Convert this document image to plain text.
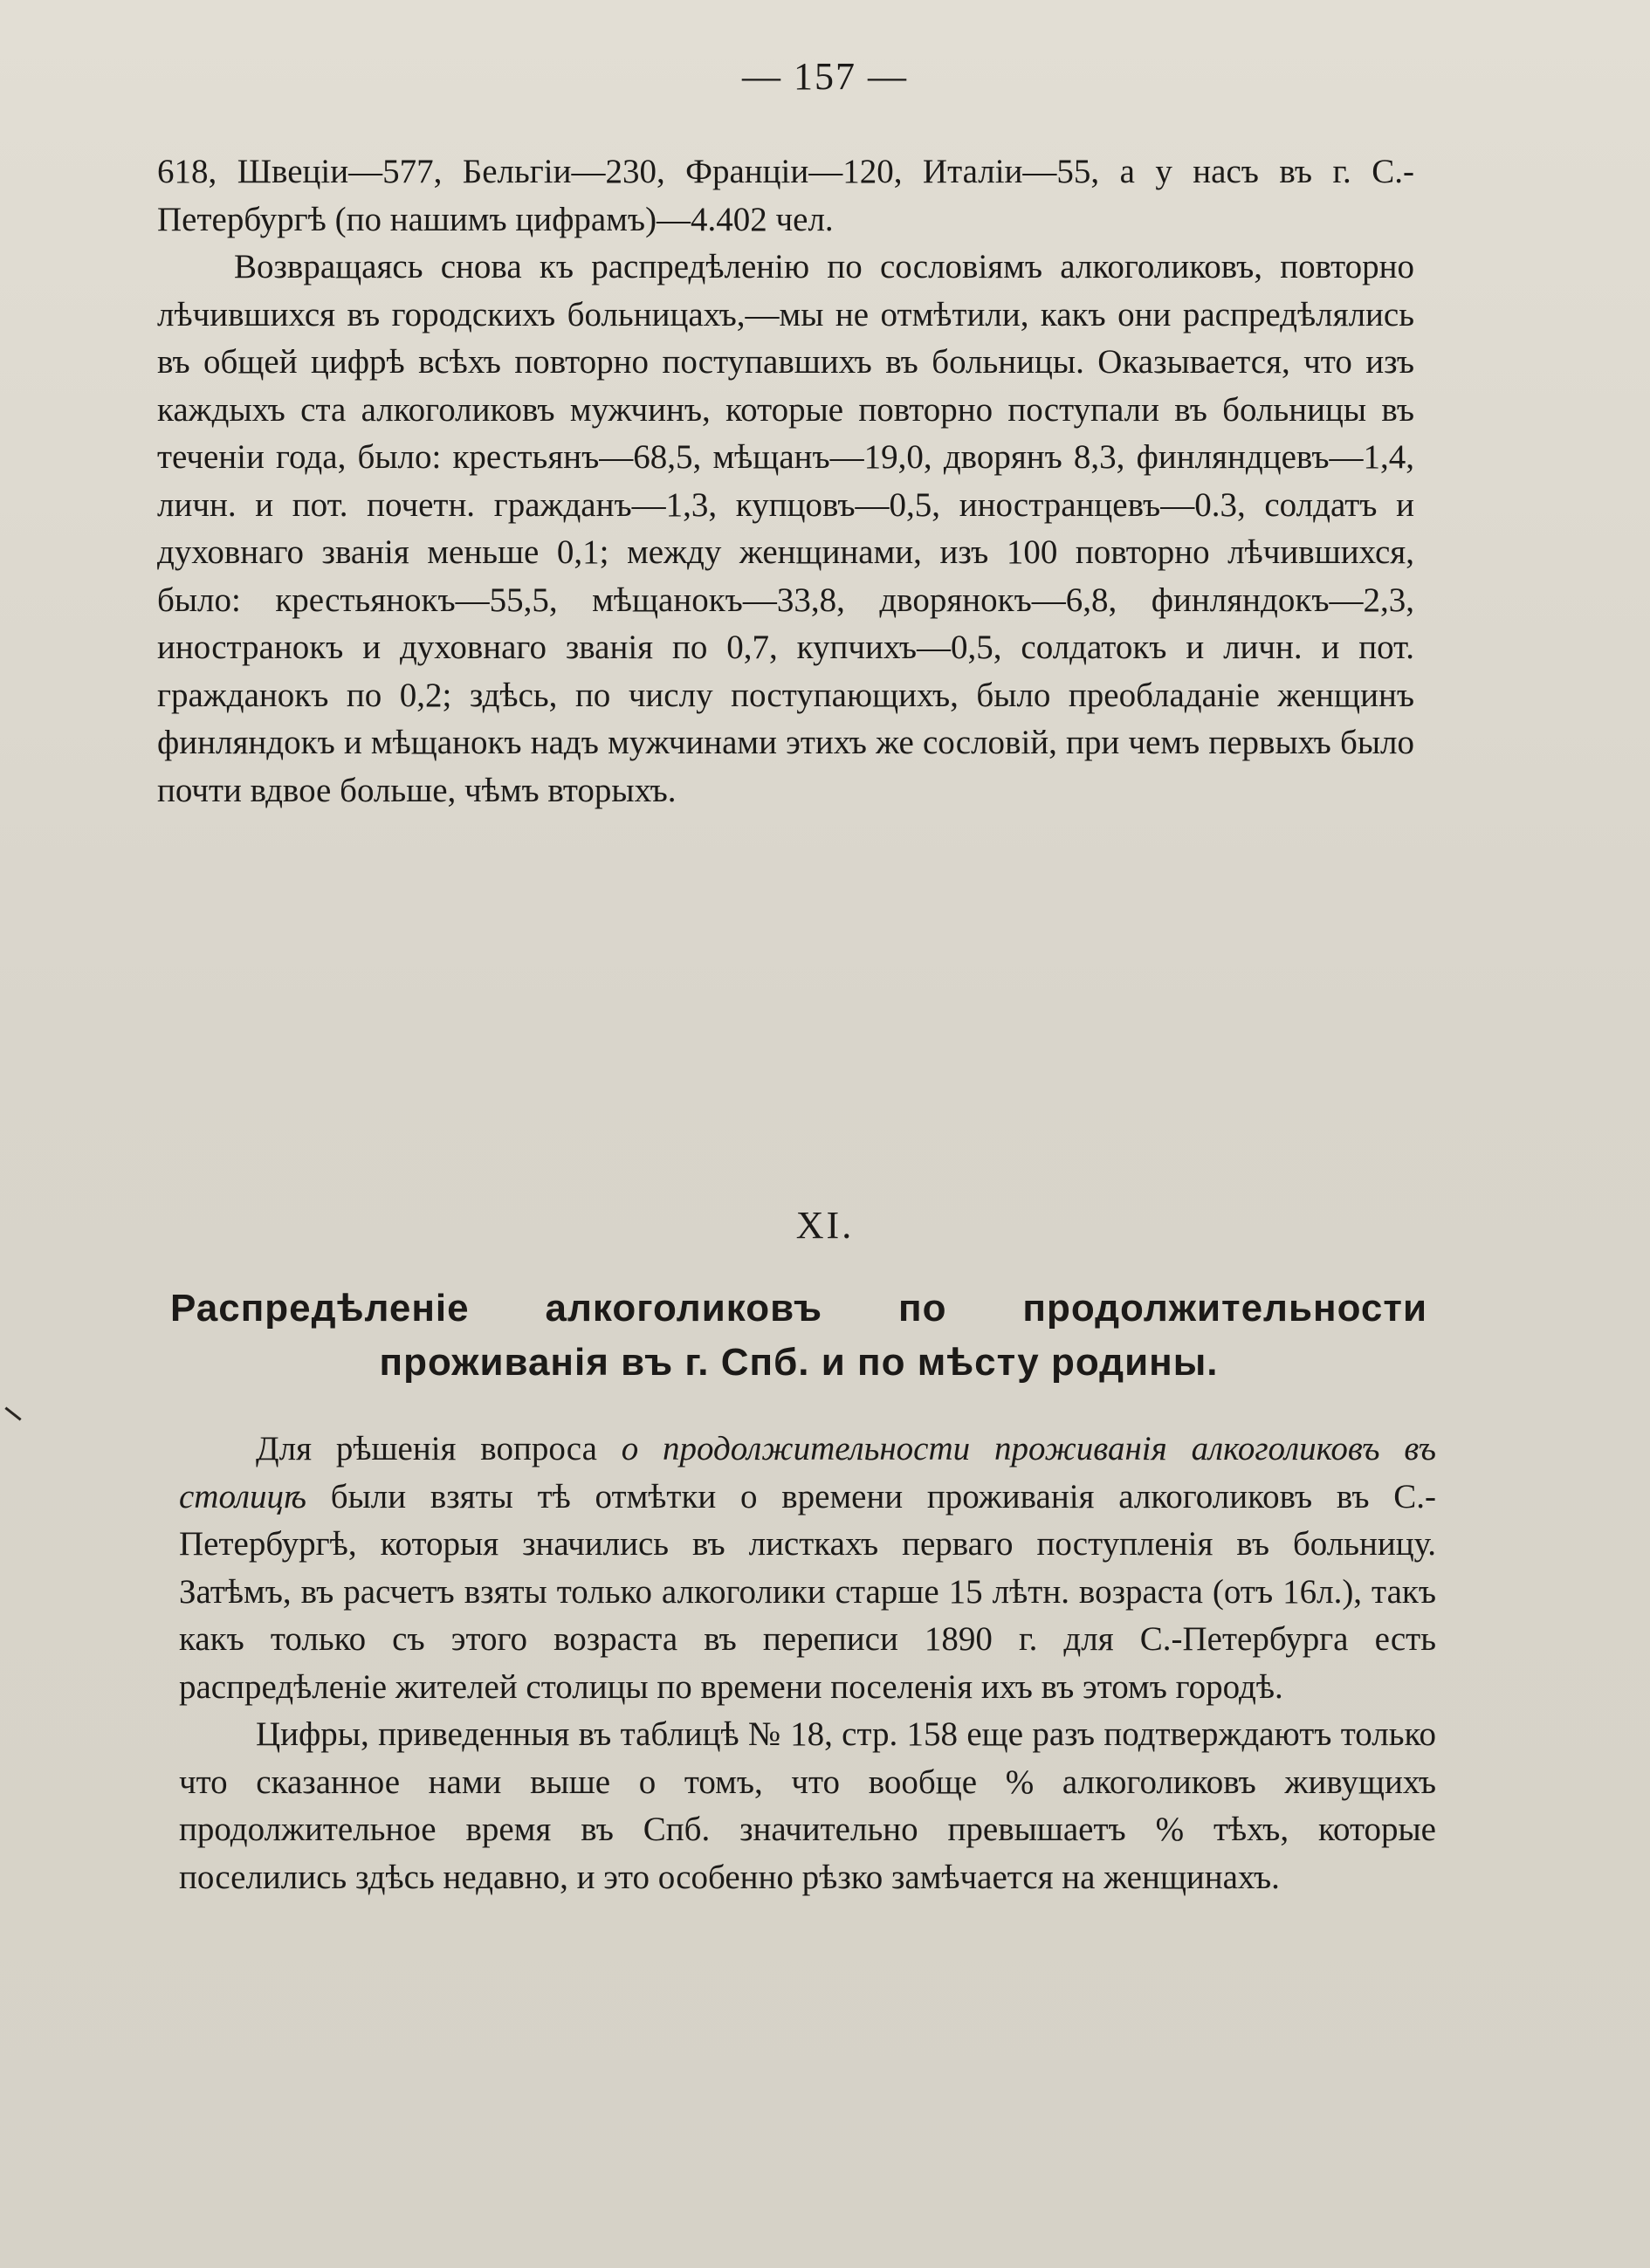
— 157 —

618, Швеціи—577, Бельгіи—230, Франціи—120, Италіи—55, а у насъ въ г. С.-Петербургѣ (по нашимъ цифрамъ)—4.402 чел.

Возвращаясь снова къ распредѣленію по сословіямъ алкоголиковъ, повторно лѣчившихся въ городскихъ больницахъ,—мы не отмѣтили, какъ они распредѣлялись въ общей цифрѣ всѣхъ повторно поступавшихъ въ больницы. Оказывается, что изъ каждыхъ ста алкоголиковъ мужчинъ, которые повторно поступали въ больницы въ теченіи года, было: крестьянъ—68,5, мѣщанъ—19,0, дворянъ 8,3, финляндцевъ—1,4, личн. и пот. почетн. гражданъ—1,3, купцовъ—0,5, иностранцевъ—0.3, солдатъ и духовнаго званія меньше 0,1; между женщинами, изъ 100 повторно лѣчившихся, было: крестьянокъ—55,5, мѣщанокъ—33,8, дворянокъ—6,8, финляндокъ—2,3, иностранокъ и духовнаго званія по 0,7, купчихъ—0,5, солдатокъ и личн. и пот. гражданокъ по 0,2; здѣсь, по числу поступающихъ, было преобладаніе женщинъ финляндокъ и мѣщанокъ надъ мужчинами этихъ же сословій, при чемъ первыхъ было почти вдвое больше, чѣмъ вторыхъ.

XI.
Распредѣленіе алкоголиковъ по продолжительности проживанія въ г. Спб. и по мѣсту родины.

Для рѣшенія вопроса о продолжительности проживанія алкоголиковъ въ столицѣ были взяты тѣ отмѣтки о времени проживанія алкоголиковъ въ С.-Петербургѣ, которыя значились въ листкахъ перваго поступленія въ больницу. Затѣмъ, въ расчетъ взяты только алкоголики старше 15 лѣтн. возраста (отъ 16л.), такъ какъ только съ этого возраста въ переписи 1890 г. для С.-Петербурга есть распредѣленіе жителей столицы по времени поселенія ихъ въ этомъ городѣ.

Цифры, приведенныя въ таблицѣ № 18, стр. 158 еще разъ подтверждаютъ только что сказанное нами выше о томъ, что вообще % алкоголиковъ живущихъ продолжительное время въ Спб. значительно превышаетъ % тѣхъ, которые поселились здѣсь недавно, и это особенно рѣзко замѣчается на женщинахъ.
